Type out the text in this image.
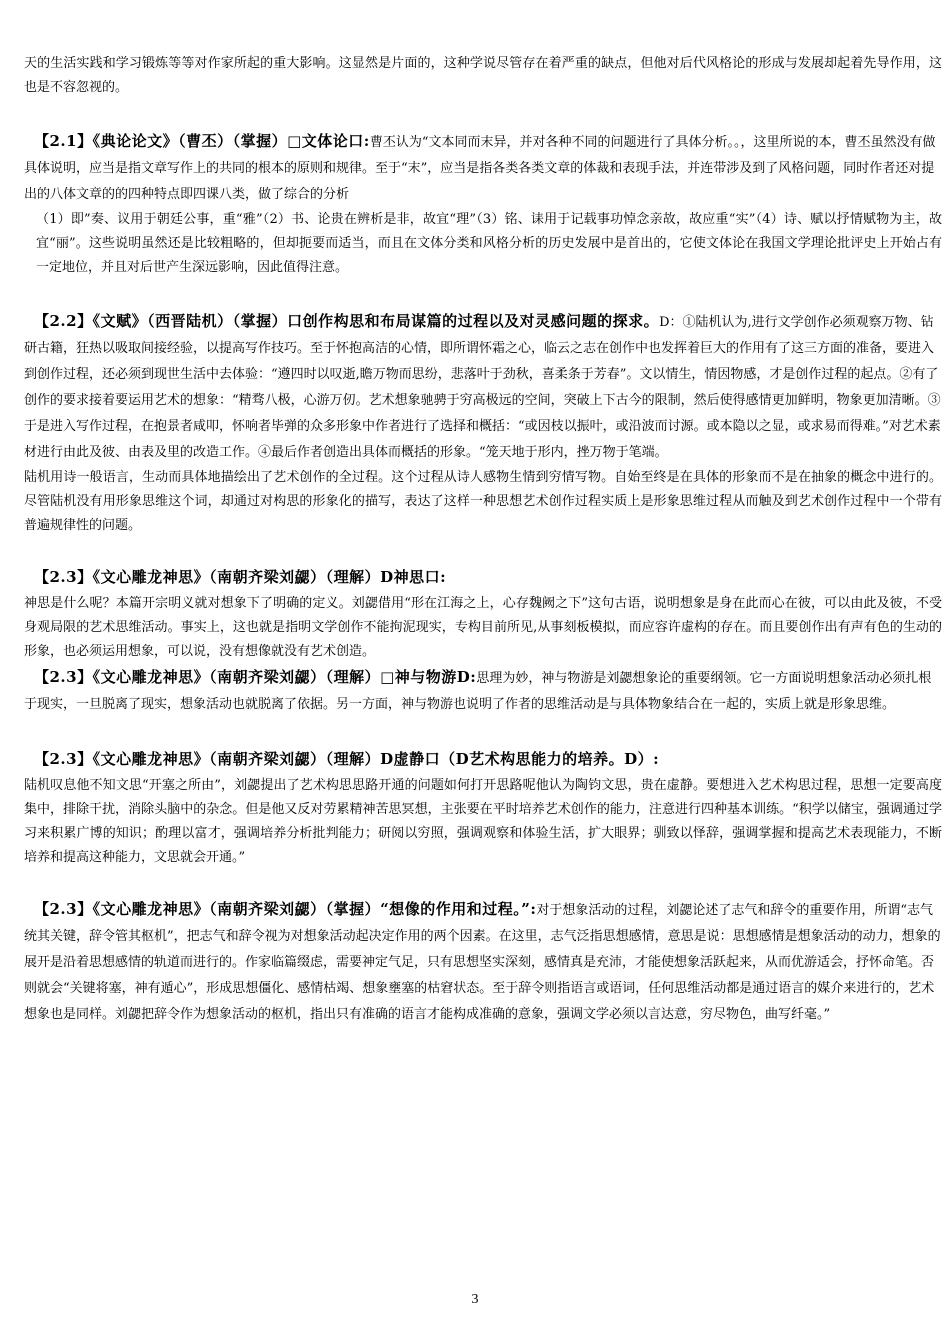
天的生活实践和学习锻炼等等对作家所起的重大影响。这显然是片面的，这种学说尽管存在着严重的缺点，但他对后代风格论的形成与发展却起着先导作用，这也是不容忽视的。

【2.1】《典论论文》（曹丕）（掌握）□文体论口:曹丕认为“文本同而末异，并对各种不同的问题进行了具体分析。。，这里所说的本，曹丕虽然没有做具体说明，应当是指文章写作上的共同的根本的原则和规律。至于“末”，应当是指各类各类文章的体裁和表现手法，并连带涉及到了风格问题，同时作者还对提出的八体文章的的四种特点即四课八类，做了综合的分析

（1）即”奏、议用于朝廷公事，重“雅”（2）书、论贵在辨析是非，故宜“理”（3）铭、诔用于记载事功悼念亲故，故应重“实”（4）诗、赋以抒情赋物为主，故宜“丽”。这些说明虽然还是比较粗略的，但却扼要而适当，而且在文体分类和风格分析的历史发展中是首出的，它使文体论在我国文学理论批评史上开始占有一定地位，并且对后世产生深远影响，因此值得注意。

【2.2】《文赋》（西晋陆机）（掌握）口创作构思和布局谋篇的过程以及对灵感问题的探求。D：①陆机认为,进行文学创作必须观察万物、钻研古籍，狂热以吸取间接经验，以提高写作技巧。至于怀抱高洁的心情，即所谓怀霜之心，临云之志在创作中也发挥着巨大的作用有了这三方面的准备，要进入到创作过程，还必须到现世生活中去体验：“遵四时以叹逝,瞻万物而思纷，悲落叶于劲秋，喜柔条于芳春”。文以情生，情因物感，才是创作过程的起点。②有了创作的要求接着要运用艺术的想象：“精骛八极，心游万仞。艺术想象驰骋于穷高极远的空间，突破上下古今的限制，然后使得感情更加鲜明，物象更加清晰。③于是进入写作过程，在抱景者咸叩，怀响者毕弹的众多形象中作者进行了选择和概括：“或因枝以振叶，或沿波而讨源。或本隐以之显，或求易而得难。”对艺术素材进行由此及彼、由表及里的改造工作。④最后作者创造出具体而概括的形象。“笼天地于形内，挫万物于笔端。

陆机用诗一般语言，生动而具体地描绘出了艺术创作的全过程。这个过程从诗人感物生情到穷情写物。自始至终是在具体的形象而不是在抽象的概念中进行的。尽管陆机没有用形象思维这个词，却通过对构思的形象化的描写，表达了这样一种思想艺术创作过程实质上是形象思维过程从而触及到艺术创作过程中一个带有普遍规律性的问题。

【2.3】《文心雕龙神思》（南朝齐梁刘勰）（理解）D神思口:

神思是什么呢？本篇开宗明义就对想象下了明确的定义。刘勰借用“形在江海之上，心存魏阙之下”这句古语，说明想象是身在此而心在彼，可以由此及彼，不受身观局限的艺术思维活动。事实上，这也就是指明文学创作不能拘泥现实，专构目前所见,从事刻板模拟，而应容许虚构的存在。而且要创作出有声有色的生动的形象，也必须运用想象，可以说，没有想像就没有艺术创造。

【2.3】《文心雕龙神思》（南朝齐梁刘勰）（理解）□神与物游D:思理为妙，神与物游是刘勰想象论的重要纲领。它一方面说明想象活动必须扎根于现实，一旦脱离了现实，想象活动也就脱离了依据。另一方面，神与物游也说明了作者的思维活动是与具体物象结合在一起的，实质上就是形象思维。

【2.3】《文心雕龙神思》（南朝齐梁刘勰）（理解）D虚静口（D艺术构思能力的培养。D）:

陆机叹息他不知文思“开塞之所由”，刘勰提出了艺术构思思路开通的问题如何打开思路呢他认为陶钧文思，贵在虚静。要想进入艺术构思过程，思想一定要高度集中，排除干扰，消除头脑中的杂念。但是他又反对劳累精神苦思冥想，主张要在平时培养艺术创作的能力，注意进行四种基本训练。“积学以储宝，强调通过学习来积累广博的知识；酌理以富才，强调培养分析批判能力；研阅以穷照，强调观察和体验生活，扩大眼界；驯致以怿辞，强调掌握和提高艺术表现能力，不断培养和提高这种能力，文思就会开通。”

【2.3】《文心雕龙神思》（南朝齐梁刘勰）（掌握）“想像的作用和过程。”:对于想象活动的过程，刘勰论述了志气和辞令的重要作用，所谓“志气统其关键，辞令管其枢机”，把志气和辞令视为对想象活动起决定作用的两个因素。在这里，志气泛指思想感情，意思是说：思想感情是想象活动的动力，想象的展开是沿着思想感情的轨道而进行的。作家临篇缀虑，需要神定气足，只有思想坚实深刻，感情真是充沛，才能使想象活跃起来，从而优游适会，抒怀命笔。否则就会“关键将塞，神有遁心”，形成思想僵化、感情枯竭、想象壅塞的枯窘状态。至于辞令则指语言或语词，任何思维活动都是通过语言的媒介来进行的，艺术想象也是同样。刘勰把辞令作为想象活动的枢机，指出只有准确的语言才能构成准确的意象，强调文学必须以言达意，穷尽物色，曲写纤毫。”

3
